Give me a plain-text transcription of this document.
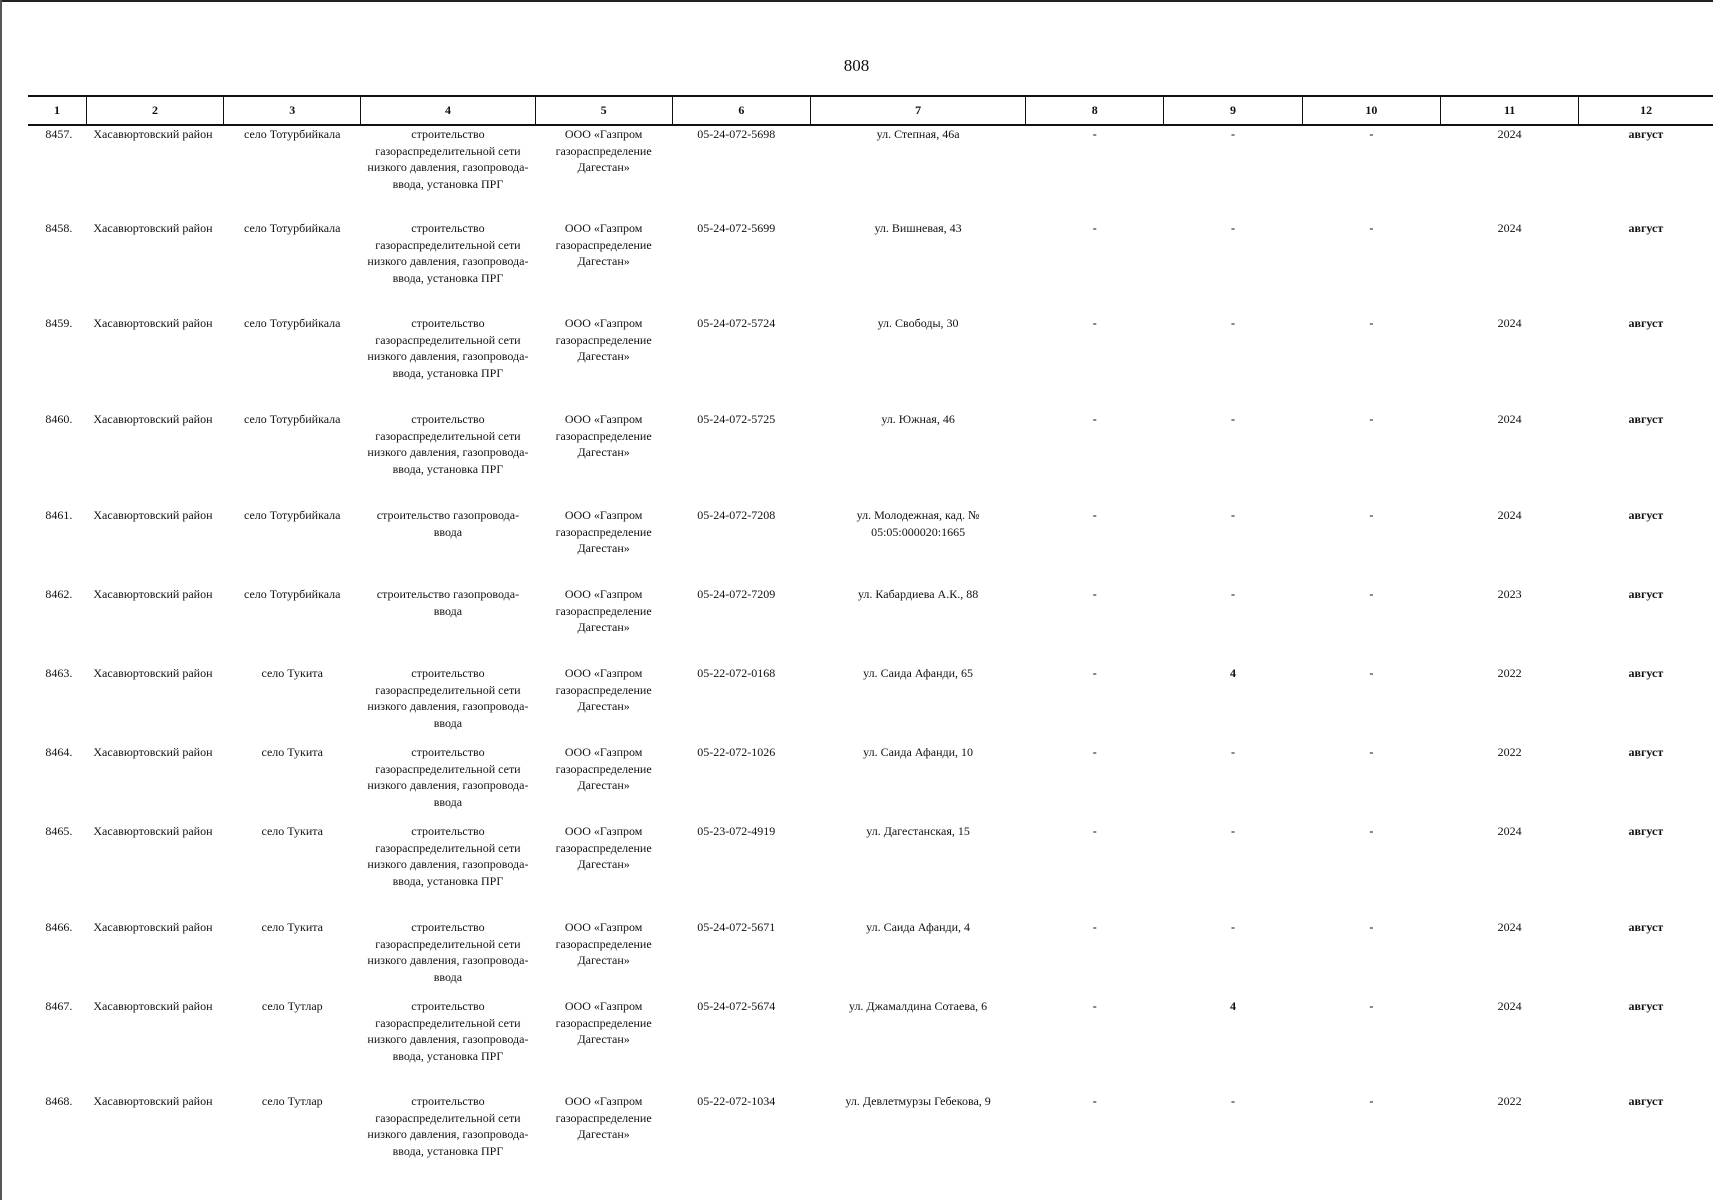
808
1	2	3	4	5	6	7	8	9	10	11	12
8457.	Хасавюртовский район	село Тотурбийкала	строительство газораспределительной сети низкого давления, газопровода-ввода, установка ПРГ	ООО «Газпром газораспределение Дагестан»	05-24-072-5698	ул. Степная, 46а	-	-	-	2024	август
8458.	Хасавюртовский район	село Тотурбийкала	строительство газораспределительной сети низкого давления, газопровода-ввода, установка ПРГ	ООО «Газпром газораспределение Дагестан»	05-24-072-5699	ул. Вишневая, 43	-	-	-	2024	август
8459.	Хасавюртовский район	село Тотурбийкала	строительство газораспределительной сети низкого давления, газопровода-ввода, установка ПРГ	ООО «Газпром газораспределение Дагестан»	05-24-072-5724	ул. Свободы, 30	-	-	-	2024	август
8460.	Хасавюртовский район	село Тотурбийкала	строительство газораспределительной сети низкого давления, газопровода-ввода, установка ПРГ	ООО «Газпром газораспределение Дагестан»	05-24-072-5725	ул. Южная, 46	-	-	-	2024	август
8461.	Хасавюртовский район	село Тотурбийкала	строительство газопровода-ввода	ООО «Газпром газораспределение Дагестан»	05-24-072-7208	ул. Молодежная, кад. № 05:05:000020:1665	-	-	-	2024	август
8462.	Хасавюртовский район	село Тотурбийкала	строительство газопровода-ввода	ООО «Газпром газораспределение Дагестан»	05-24-072-7209	ул. Кабардиева А.К., 88	-	-	-	2023	август
8463.	Хасавюртовский район	село Тукита	строительство газораспределительной сети низкого давления, газопровода-ввода	ООО «Газпром газораспределение Дагестан»	05-22-072-0168	ул. Саида Афанди, 65	-	4	-	2022	август
8464.	Хасавюртовский район	село Тукита	строительство газораспределительной сети низкого давления, газопровода-ввода	ООО «Газпром газораспределение Дагестан»	05-22-072-1026	ул. Саида Афанди, 10	-	-	-	2022	август
8465.	Хасавюртовский район	село Тукита	строительство газораспределительной сети низкого давления, газопровода-ввода, установка ПРГ	ООО «Газпром газораспределение Дагестан»	05-23-072-4919	ул. Дагестанская, 15	-	-	-	2024	август
8466.	Хасавюртовский район	село Тукита	строительство газораспределительной сети низкого давления, газопровода-ввода	ООО «Газпром газораспределение Дагестан»	05-24-072-5671	ул. Саида Афанди, 4	-	-	-	2024	август
8467.	Хасавюртовский район	село Тутлар	строительство газораспределительной сети низкого давления, газопровода-ввода, установка ПРГ	ООО «Газпром газораспределение Дагестан»	05-24-072-5674	ул. Джамалдина Сотаева, 6	-	4	-	2024	август
8468.	Хасавюртовский район	село Тутлар	строительство газораспределительной сети низкого давления, газопровода-ввода, установка ПРГ	ООО «Газпром газораспределение Дагестан»	05-22-072-1034	ул. Девлетмурзы Гебекова, 9	-	-	-	2022	август
